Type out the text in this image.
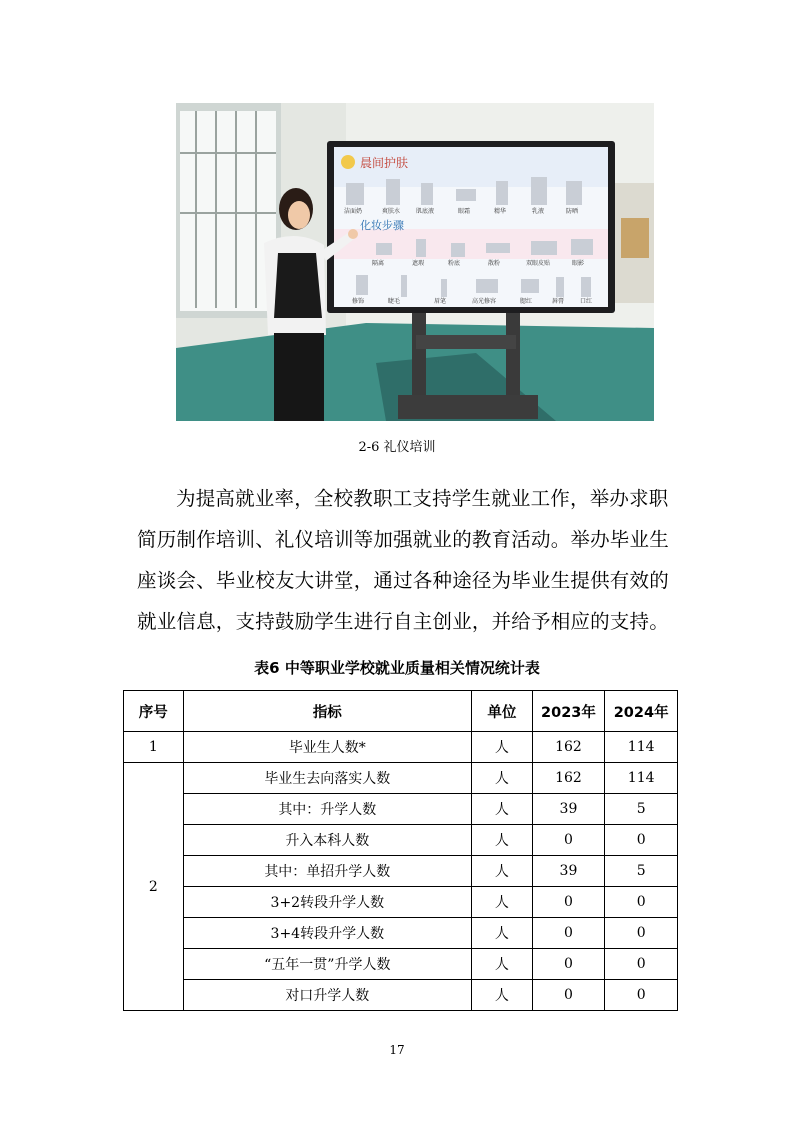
晨间护肤
化妆步骤
洁面奶	爽肤水	肌底液	眼霜	精华	乳液	防晒
隔离	遮瑕	粉底	散粉	双眼皮贴	眼影
修饰	睫毛	眉笔	高光修容	腮红	唇膏	口红
2-6 礼仪培训
为提高就业率，全校教职工支持学生就业工作，举办求职简历制作培训、礼仪培训等加强就业的教育活动。举办毕业生座谈会、毕业校友大讲堂，通过各种途径为毕业生提供有效的就业信息，支持鼓励学生进行自主创业，并给予相应的支持。
表6 中等职业学校就业质量相关情况统计表
序号	指标	单位	2023年	2024年
1	毕业生人数*	人	162	114
2	毕业生去向落实人数	人	162	114
	其中：升学人数	人	39	5
	升入本科人数	人	0	0
	其中：单招升学人数	人	39	5
	3+2转段升学人数	人	0	0
	3+4转段升学人数	人	0	0
	“五年一贯”升学人数	人	0	0
	对口升学人数	人	0	0
17
